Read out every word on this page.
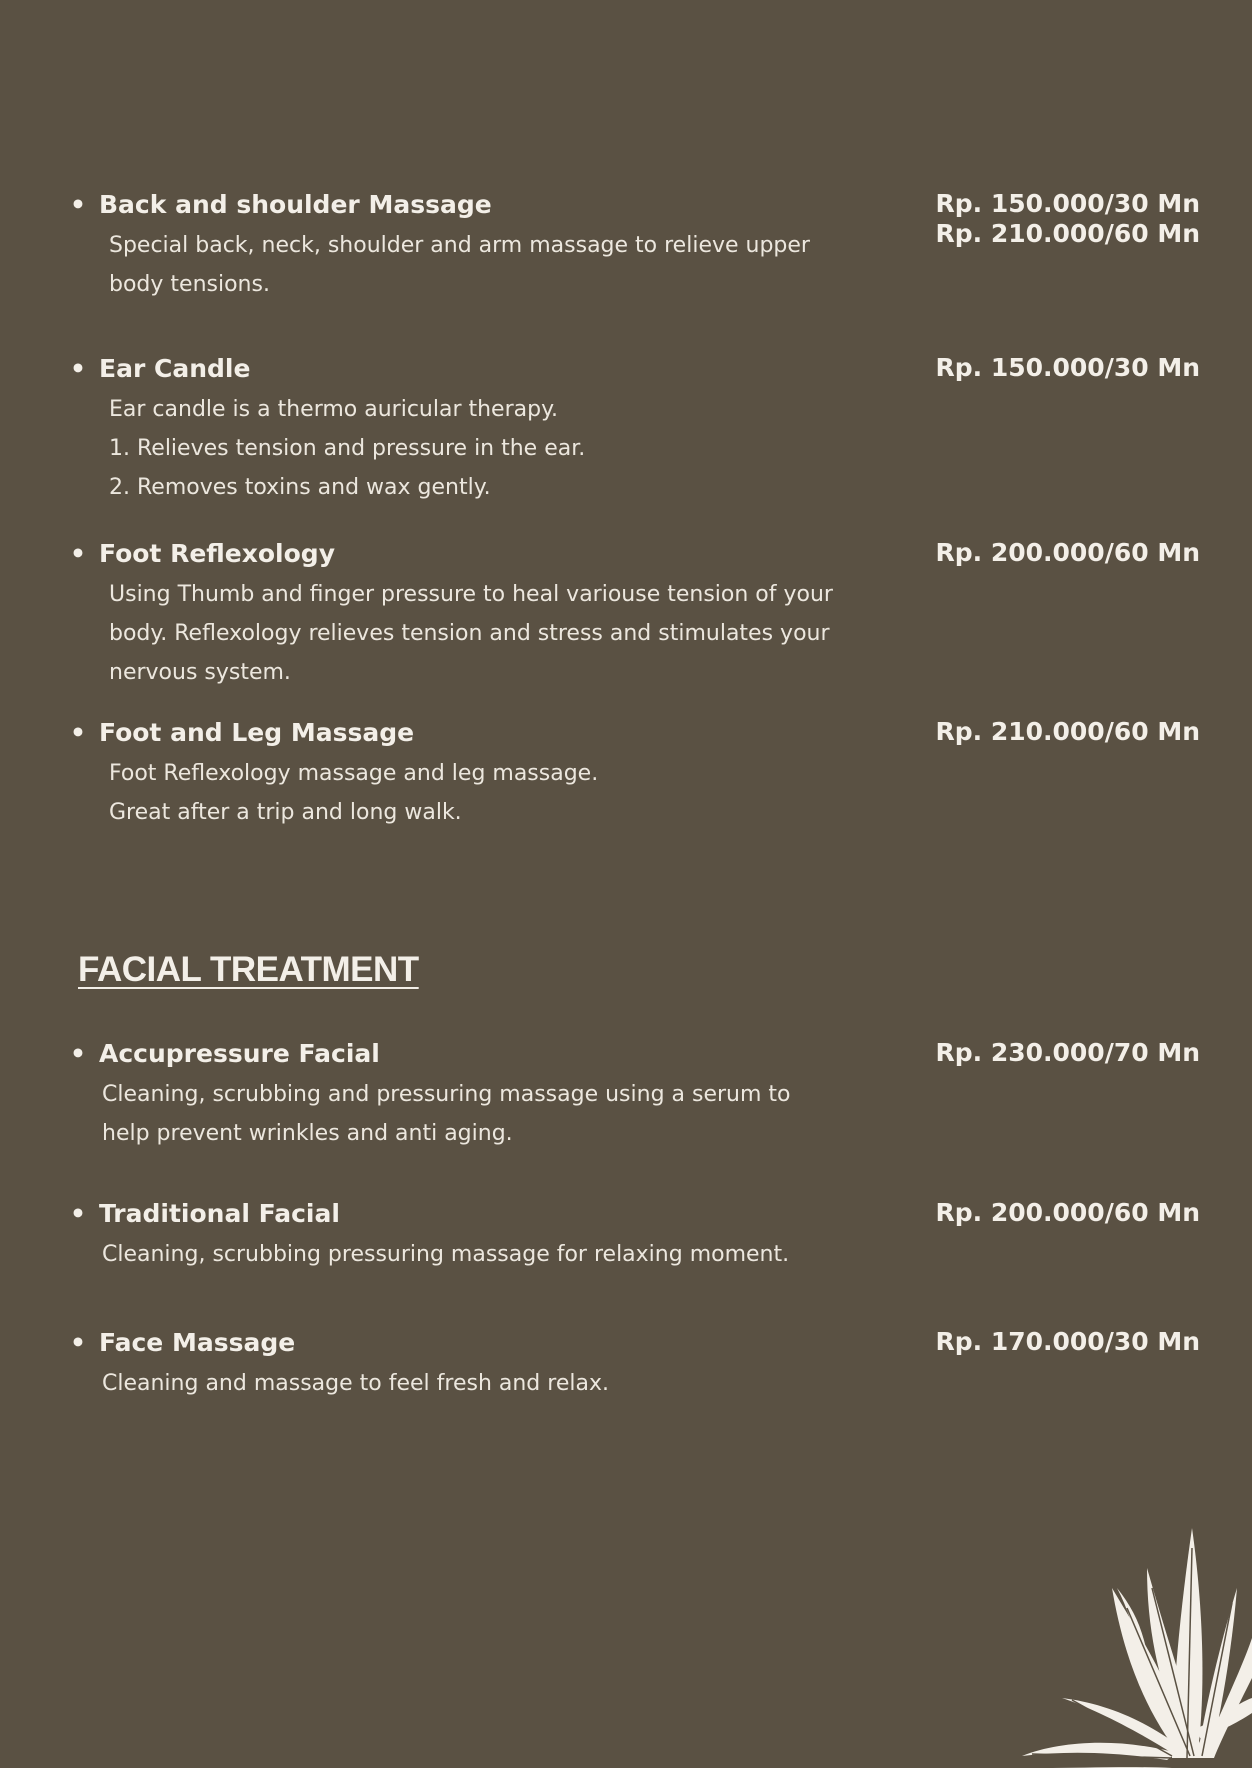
• Back and shoulder Massage	Rp. 150.000/30 Mn
Rp. 210.000/60 Mn
Special back, neck, shoulder and arm massage to relieve upper
body tensions.
• Ear Candle	Rp. 150.000/30 Mn
Ear candle is a thermo auricular therapy.
1. Relieves tension and pressure in the ear.
2. Removes toxins and wax gently.
• Foot Reflexology	Rp. 200.000/60 Mn
Using Thumb and finger pressure to heal variouse tension of your
body. Reflexology relieves tension and stress and stimulates your
nervous system.
• Foot and Leg Massage	Rp. 210.000/60 Mn
Foot Reflexology massage and leg massage.
Great after a trip and long walk.
FACIAL TREATMENT
• Accupressure Facial	Rp. 230.000/70 Mn
Cleaning, scrubbing and pressuring massage using a serum to
help prevent wrinkles and anti aging.
• Traditional Facial	Rp. 200.000/60 Mn
Cleaning, scrubbing pressuring massage for relaxing moment.
• Face Massage	Rp. 170.000/30 Mn
Cleaning and massage to feel fresh and relax.
